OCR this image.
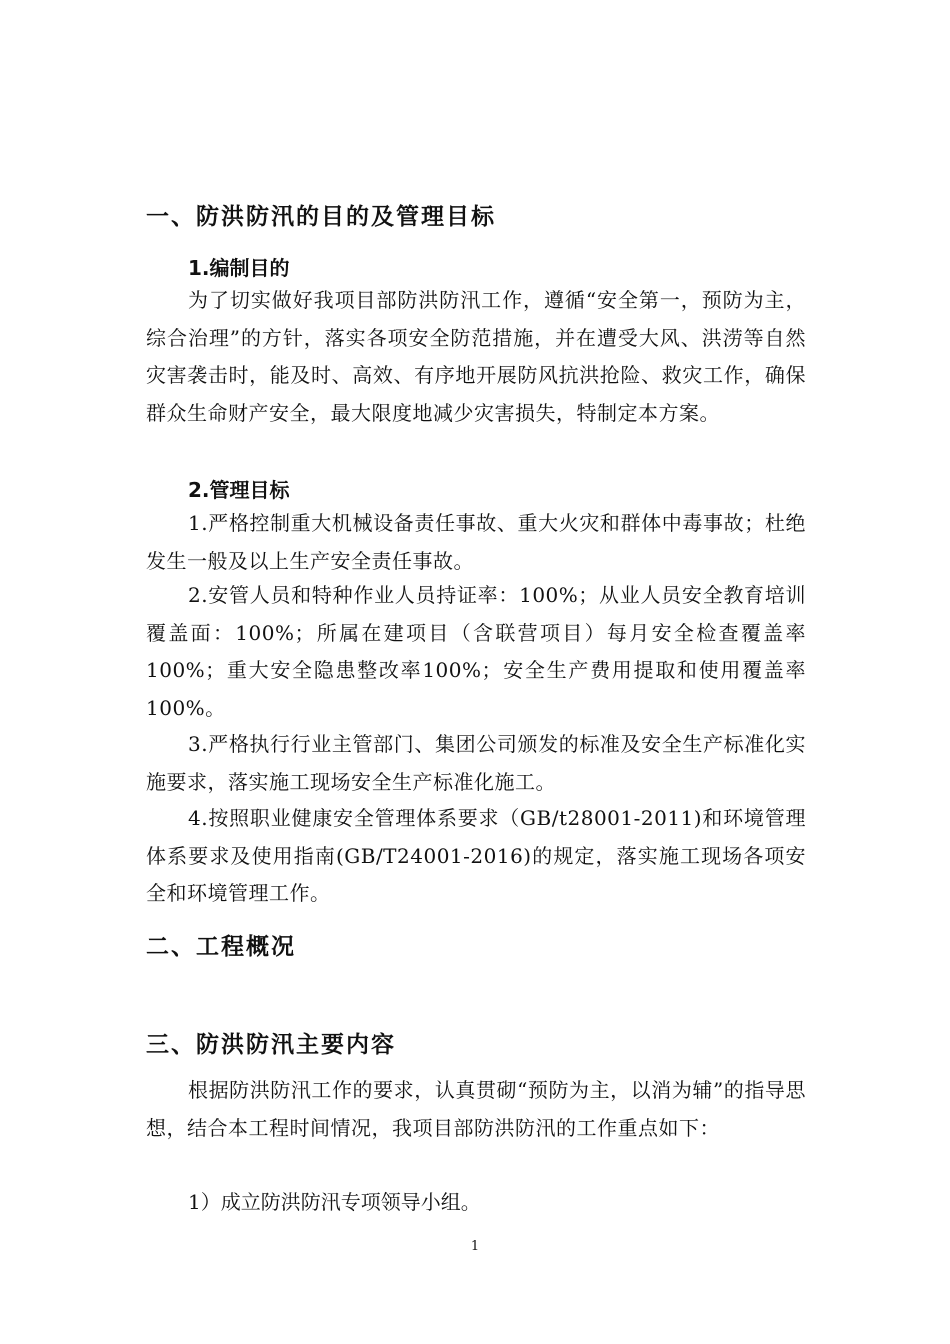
一、防洪防汛的目的及管理目标
1.编制目的
为了切实做好我项目部防洪防汛工作，遵循“安全第一，预防为主，综合治理”的方针，落实各项安全防范措施，并在遭受大风、洪涝等自然灾害袭击时，能及时、高效、有序地开展防风抗洪抢险、救灾工作，确保群众生命财产安全，最大限度地减少灾害损失，特制定本方案。
2.管理目标
1.严格控制重大机械设备责任事故、重大火灾和群体中毒事故；杜绝发生一般及以上生产安全责任事故。
2.安管人员和特种作业人员持证率：100%；从业人员安全教育培训覆盖面：100%；所属在建项目（含联营项目）每月安全检查覆盖率100%；重大安全隐患整改率100%；安全生产费用提取和使用覆盖率100%。
3.严格执行行业主管部门、集团公司颁发的标准及安全生产标准化实施要求，落实施工现场安全生产标准化施工。
4.按照职业健康安全管理体系要求（GB/t28001-2011)和环境管理体系要求及使用指南(GB/T24001-2016)的规定，落实施工现场各项安全和环境管理工作。
二、工程概况
三、防洪防汛主要内容
根据防洪防汛工作的要求，认真贯砌“预防为主，以消为辅”的指导思想，结合本工程时间情况，我项目部防洪防汛的工作重点如下：
1）成立防洪防汛专项领导小组。
1
